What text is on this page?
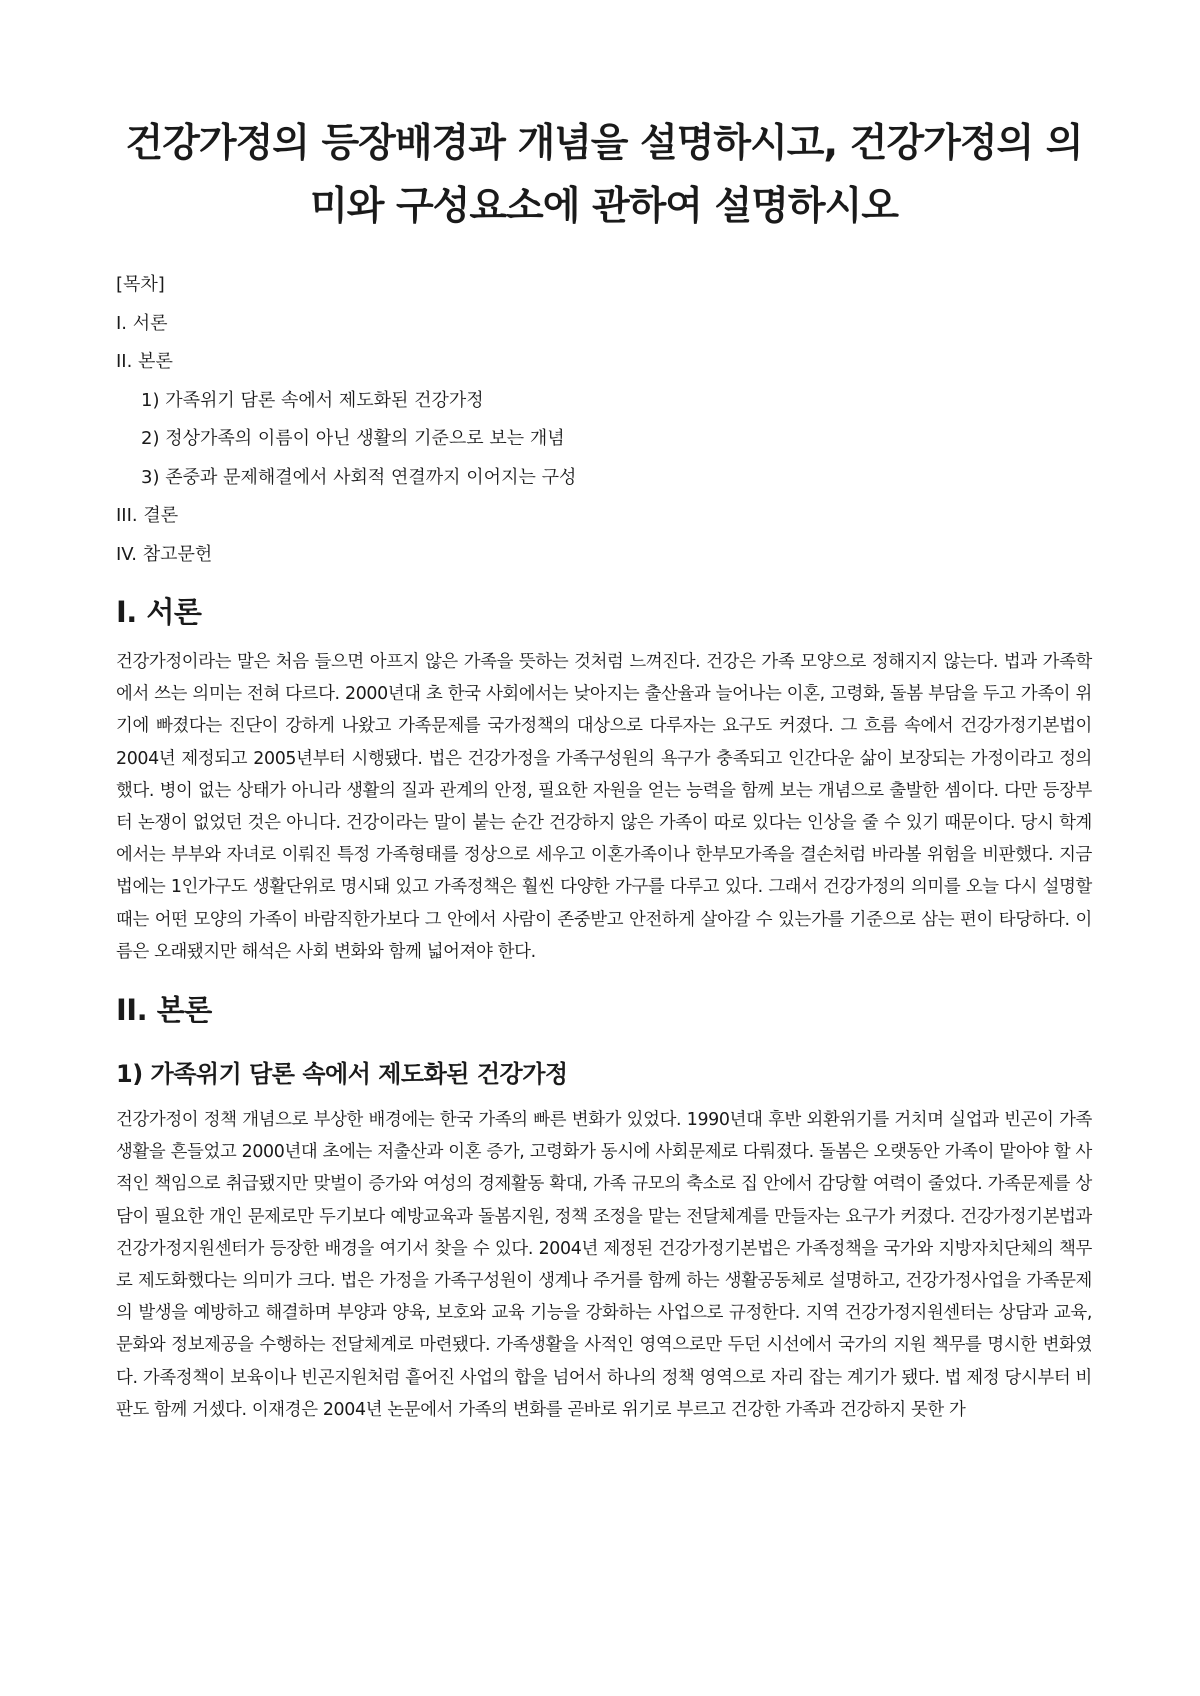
건강가정의 등장배경과 개념을 설명하시고, 건강가정의 의미와 구성요소에 관하여 설명하시오
[목차]
I. 서론
II. 본론
1) 가족위기 담론 속에서 제도화된 건강가정
2) 정상가족의 이름이 아닌 생활의 기준으로 보는 개념
3) 존중과 문제해결에서 사회적 연결까지 이어지는 구성
III. 결론
IV. 참고문헌
I. 서론

건강가정이라는 말은 처음 들으면 아프지 않은 가족을 뜻하는 것처럼 느껴진다. 건강은 가족 모양으로 정해지지 않는다. 법과 가족학에서 쓰는 의미는 전혀 다르다. 2000년대 초 한국 사회에서는 낮아지는 출산율과 늘어나는 이혼, 고령화, 돌봄 부담을 두고 가족이 위기에 빠졌다는 진단이 강하게 나왔고 가족문제를 국가정책의 대상으로 다루자는 요구도 커졌다. 그 흐름 속에서 건강가정기본법이 2004년 제정되고 2005년부터 시행됐다. 법은 건강가정을 가족구성원의 욕구가 충족되고 인간다운 삶이 보장되는 가정이라고 정의했다. 병이 없는 상태가 아니라 생활의 질과 관계의 안정, 필요한 자원을 얻는 능력을 함께 보는 개념으로 출발한 셈이다. 다만 등장부터 논쟁이 없었던 것은 아니다. 건강이라는 말이 붙는 순간 건강하지 않은 가족이 따로 있다는 인상을 줄 수 있기 때문이다. 당시 학계에서는 부부와 자녀로 이뤄진 특정 가족형태를 정상으로 세우고 이혼가족이나 한부모가족을 결손처럼 바라볼 위험을 비판했다. 지금 법에는 1인가구도 생활단위로 명시돼 있고 가족정책은 훨씬 다양한 가구를 다루고 있다. 그래서 건강가정의 의미를 오늘 다시 설명할 때는 어떤 모양의 가족이 바람직한가보다 그 안에서 사람이 존중받고 안전하게 살아갈 수 있는가를 기준으로 삼는 편이 타당하다. 이름은 오래됐지만 해석은 사회 변화와 함께 넓어져야 한다.

II. 본론
1) 가족위기 담론 속에서 제도화된 건강가정

건강가정이 정책 개념으로 부상한 배경에는 한국 가족의 빠른 변화가 있었다. 1990년대 후반 외환위기를 거치며 실업과 빈곤이 가족생활을 흔들었고 2000년대 초에는 저출산과 이혼 증가, 고령화가 동시에 사회문제로 다뤄졌다. 돌봄은 오랫동안 가족이 맡아야 할 사적인 책임으로 취급됐지만 맞벌이 증가와 여성의 경제활동 확대, 가족 규모의 축소로 집 안에서 감당할 여력이 줄었다. 가족문제를 상담이 필요한 개인 문제로만 두기보다 예방교육과 돌봄지원, 정책 조정을 맡는 전달체계를 만들자는 요구가 커졌다. 건강가정기본법과 건강가정지원센터가 등장한 배경을 여기서 찾을 수 있다. 2004년 제정된 건강가정기본법은 가족정책을 국가와 지방자치단체의 책무로 제도화했다는 의미가 크다. 법은 가정을 가족구성원이 생계나 주거를 함께 하는 생활공동체로 설명하고, 건강가정사업을 가족문제의 발생을 예방하고 해결하며 부양과 양육, 보호와 교육 기능을 강화하는 사업으로 규정한다. 지역 건강가정지원센터는 상담과 교육, 문화와 정보제공을 수행하는 전달체계로 마련됐다. 가족생활을 사적인 영역으로만 두던 시선에서 국가의 지원 책무를 명시한 변화였다. 가족정책이 보육이나 빈곤지원처럼 흩어진 사업의 합을 넘어서 하나의 정책 영역으로 자리 잡는 계기가 됐다. 법 제정 당시부터 비판도 함께 거셌다. 이재경은 2004년 논문에서 가족의 변화를 곧바로 위기로 부르고 건강한 가족과 건강하지 못한 가
